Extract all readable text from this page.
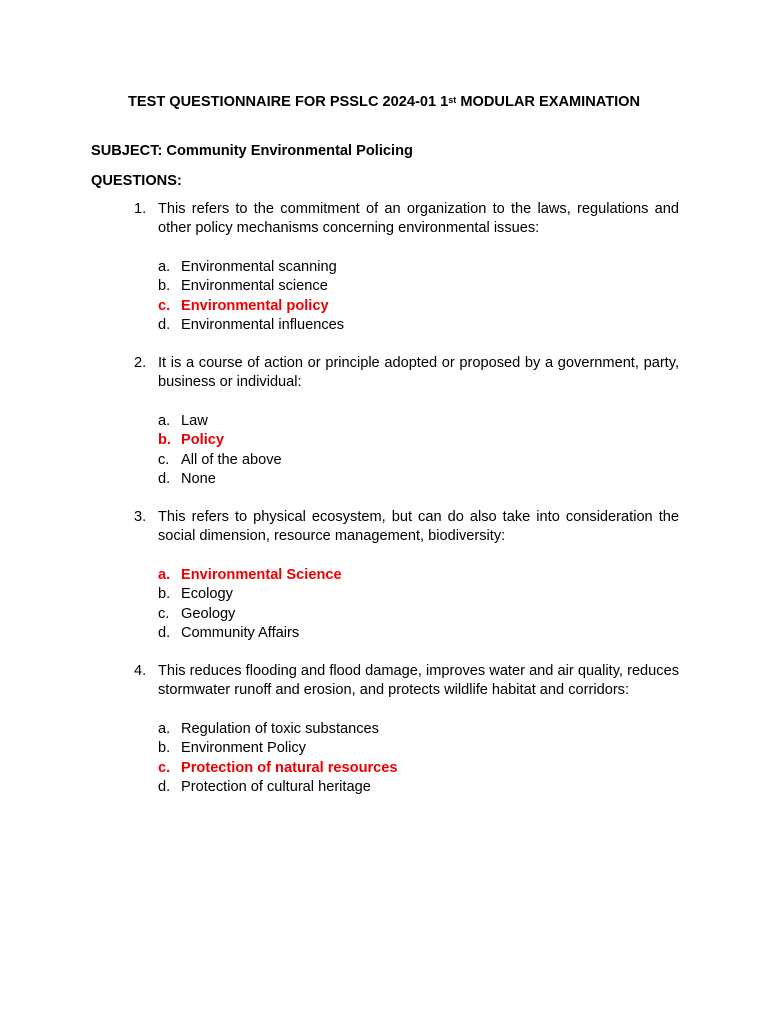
TEST QUESTIONNAIRE FOR PSSLC 2024-01 1st MODULAR EXAMINATION
SUBJECT: Community Environmental Policing
QUESTIONS:
1. This refers to the commitment of an organization to the laws, regulations and other policy mechanisms concerning environmental issues:
a. Environmental scanning
b. Environmental science
c. Environmental policy
d. Environmental influences
2. It is a course of action or principle adopted or proposed by a government, party, business or individual:
a. Law
b. Policy
c. All of the above
d. None
3. This refers to physical ecosystem, but can do also take into consideration the social dimension, resource management, biodiversity:
a. Environmental Science
b. Ecology
c. Geology
d. Community Affairs
4. This reduces flooding and flood damage, improves water and air quality, reduces stormwater runoff and erosion, and protects wildlife habitat and corridors:
a. Regulation of toxic substances
b. Environment Policy
c. Protection of natural resources
d. Protection of cultural heritage
